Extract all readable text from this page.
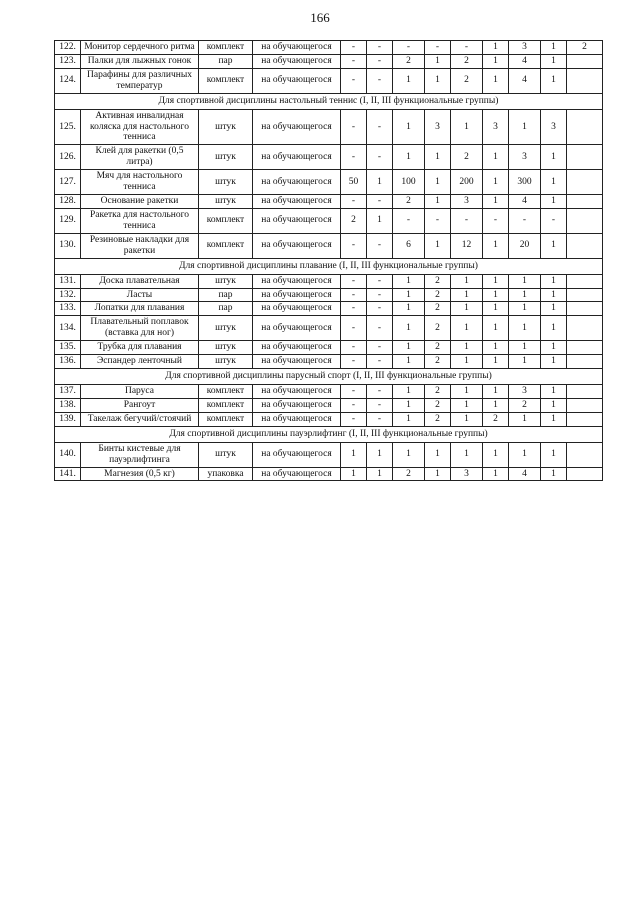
166
122.	Монитор сердечного ритма	комплект	на обучающегося	-	-	-	-	-	1	3	1	2
123.	Палки для лыжных гонок	пар	на обучающегося	-	-	2	1	2	1	4	1	
124.	Парафины для различных температур	комплект	на обучающегося	-	-	1	1	2	1	4	1	
Для спортивной дисциплины настольный теннис (I, II, III функциональные группы)												
125.	Активная инвалидная коляска для настольного тенниса	штук	на обучающегося	-	-	1	3	1	3	1	3	
126.	Клей для ракетки (0,5 литра)	штук	на обучающегося	-	-	1	1	2	1	3	1	
127.	Мяч для настольного тенниса	штук	на обучающегося	50	1	100	1	200	1	300	1	
128.	Основание ракетки	штук	на обучающегося	-	-	2	1	3	1	4	1	
129.	Ракетка для настольного тенниса	комплект	на обучающегося	2	1	-	-	-	-	-	-	
130.	Резиновые накладки для ракетки	комплект	на обучающегося	-	-	6	1	12	1	20	1	
Для спортивной дисциплины плавание (I, II, III функциональные группы)												
131.	Доска плавательная	штук	на обучающегося	-	-	1	2	1	1	1	1	
132.	Ласты	пар	на обучающегося	-	-	1	2	1	1	1	1	
133.	Лопатки для плавания	пар	на обучающегося	-	-	1	2	1	1	1	1	
134.	Плавательный поплавок (вставка для ног)	штук	на обучающегося	-	-	1	2	1	1	1	1	
135.	Трубка для плавания	штук	на обучающегося	-	-	1	2	1	1	1	1	
136.	Эспандер ленточный	штук	на обучающегося	-	-	1	2	1	1	1	1	
Для спортивной дисциплины парусный спорт (I, II, III функциональные группы)												
137.	Паруса	комплект	на обучающегося	-	-	1	2	1	1	3	1	
138.	Рангоут	комплект	на обучающегося	-	-	1	2	1	1	2	1	
139.	Такелаж бегучий/стоячий	комплект	на обучающегося	-	-	1	2	1	2	1	1	
Для спортивной дисциплины пауэрлифтинг (I, II, III функциональные группы)												
140.	Бинты кистевые для пауэрлифтинга	штук	на обучающегося	1	1	1	1	1	1	1	1	
141.	Магнезия (0,5 кг)	упаковка	на обучающегося	1	1	2	1	3	1	4	1	
